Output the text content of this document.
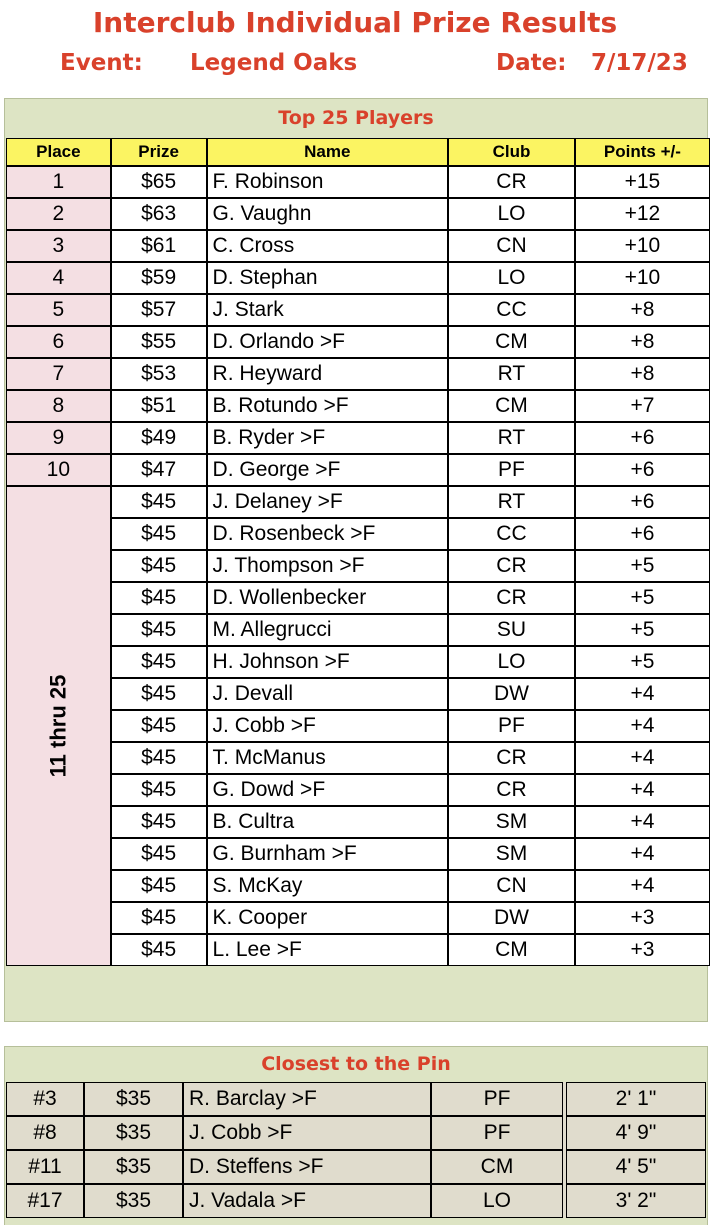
Interclub Individual Prize Results
Event: Legend Oaks	Date: 7/17/23
Top 25 Players
Place	Prize	Name	Club	Points +/-
1	$65	F. Robinson	CR	+15
2	$63	G. Vaughn	LO	+12
3	$61	C. Cross	CN	+10
4	$59	D. Stephan	LO	+10
5	$57	J. Stark	CC	+8
6	$55	D. Orlando >F	CM	+8
7	$53	R. Heyward	RT	+8
8	$51	B. Rotundo >F	CM	+7
9	$49	B. Ryder >F	RT	+6
10	$47	D. George >F	PF	+6
11 thru 25	$45	J. Delaney >F	RT	+6
	$45	D. Rosenbeck >F	CC	+6
	$45	J. Thompson >F	CR	+5
	$45	D. Wollenbecker	CR	+5
	$45	M. Allegrucci	SU	+5
	$45	H. Johnson >F	LO	+5
	$45	J. Devall	DW	+4
	$45	J. Cobb >F	PF	+4
	$45	T. McManus	CR	+4
	$45	G. Dowd >F	CR	+4
	$45	B. Cultra	SM	+4
	$45	G. Burnham >F	SM	+4
	$45	S. McKay	CN	+4
	$45	K. Cooper	DW	+3
	$45	L. Lee >F	CM	+3
Closest to the Pin
#3	$35	R. Barclay >F	PF		2' 1"
#8	$35	J. Cobb >F	PF		4' 9"
#11	$35	D. Steffens >F	CM		4' 5"
#17	$35	J. Vadala >F	LO		3' 2"
